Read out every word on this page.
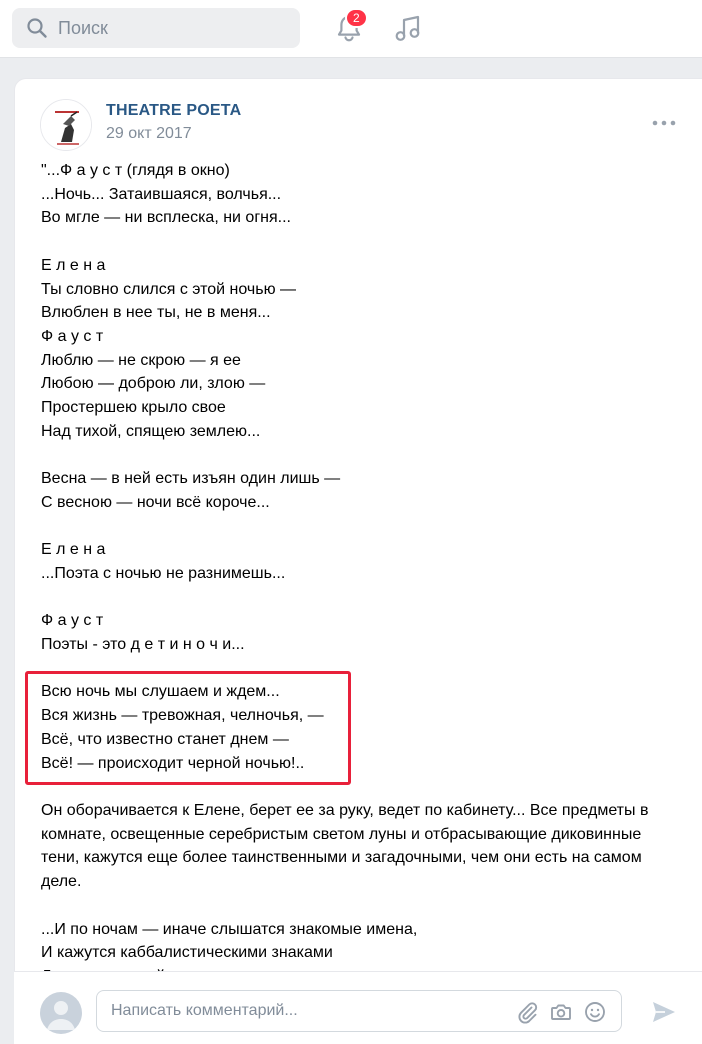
Поиск	2
THEATRE POETA
29 окт 2017
"...Ф а у с т (глядя в окно)
...Ночь... Затаившаяся, волчья...
Во мгле — ни всплеска, ни огня...

Е л е н а
Ты словно слился с этой ночью —
Влюблен в нее ты, не в меня...
Ф а у с т
Люблю — не скрою — я ее
Любою — доброю ли, злою —
Простершею крыло свое
Над тихой, спящею землею...

Весна — в ней есть изъян один лишь —
С весною — ночи всё короче...

Е л е н а
...Поэта с ночью не разнимешь...

Ф а у с т
Поэты - это д е т и н о ч и...

Всю ночь мы слушаем и ждем...
Вся жизнь — тревожная, челночья, —
Всё, что известно станет днем —
Всё! — происходит черной ночью!..

Он оборачивается к Елене, берет ее за руку, ведет по кабинету... Все предметы в комнате, освещенные серебристым светом луны и отбрасывающие диковинные тени, кажутся еще более таинственными и загадочными, чем они есть на самом деле.

...И по ночам — иначе слышатся знакомые имена,
И кажутся каббалистическими знаками
Написать комментарий...
